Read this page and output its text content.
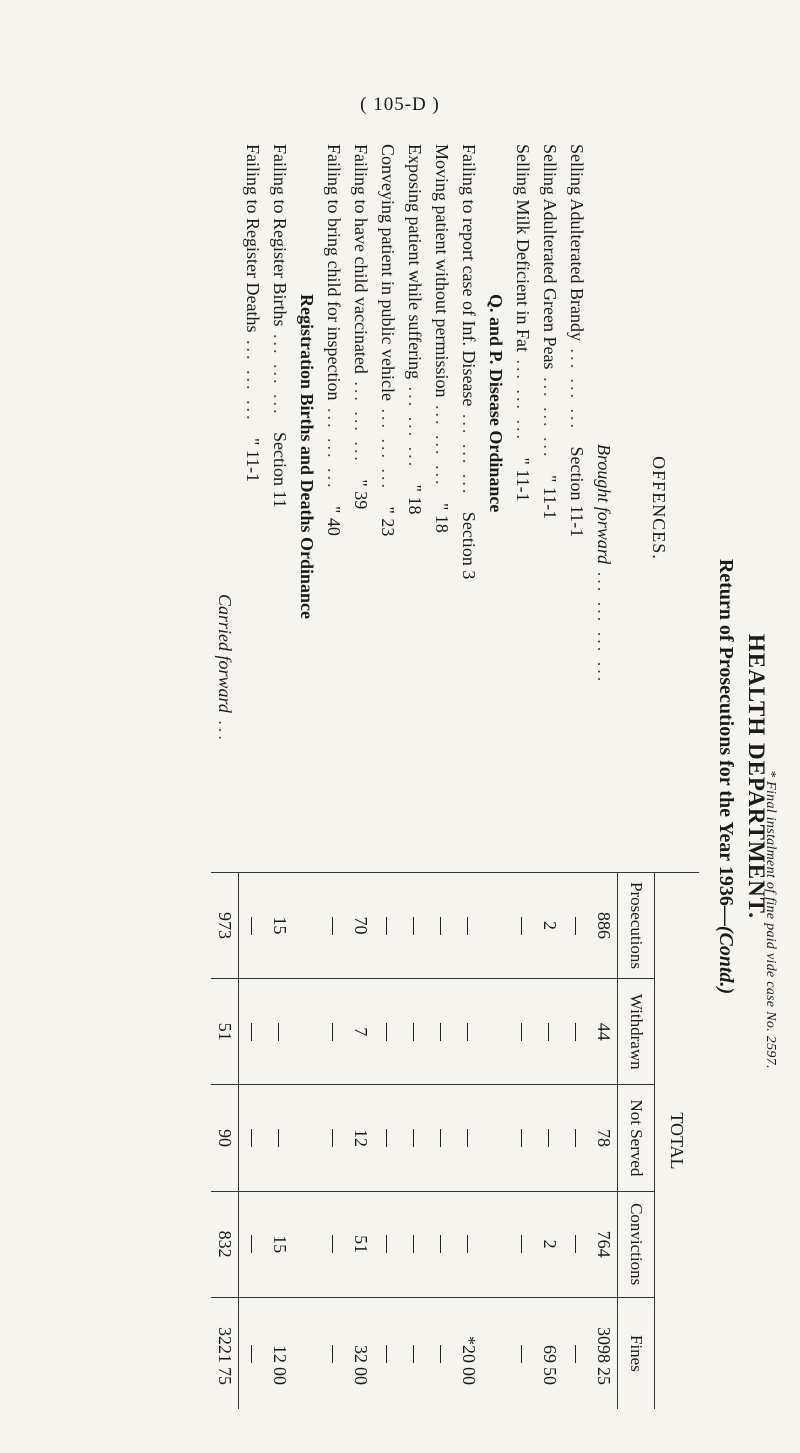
( 105-D )
HEALTH DEPARTMENT.
Return of Prosecutions for the Year 1936—(Contd.)
OFFENCES.	TOTAL				
	Prosecutions	Withdrawn	Not Served	Convictions	Fines
Brought forward ... ... ... ...	886	44	78	764	309825
Selling Adulterated Brandy ... ... ... Section 11-1					
Selling Adulterated Green Peas ... ... ... " 11-1	2			2	6950
Selling Milk Deficient in Fat ... ... ... " 11-1					
Q. and P. Disease Ordinance					
Failing to report case of Inf. Disease ... ... ... Section 3					*2000
Moving patient without permission ... ... ... " 18					
Exposing patient while suffering ... ... ... " 18					
Conveying patient in public vehicle ... ... ... " 23					
Failing to have child vaccinated ... ... ... " 39	70	7	12	51	3200
Failing to bring child for inspection ... ... ... " 40					
Registration Births and Deaths Ordinance					
Failing to Register Births ... ... ... Section 11	15			15	1200
Failing to Register Deaths ... ... ... " 11-1					
Carried forward ...	973	51	90	832	322175
* Final instalment of fine paid vide case No. 2597.
